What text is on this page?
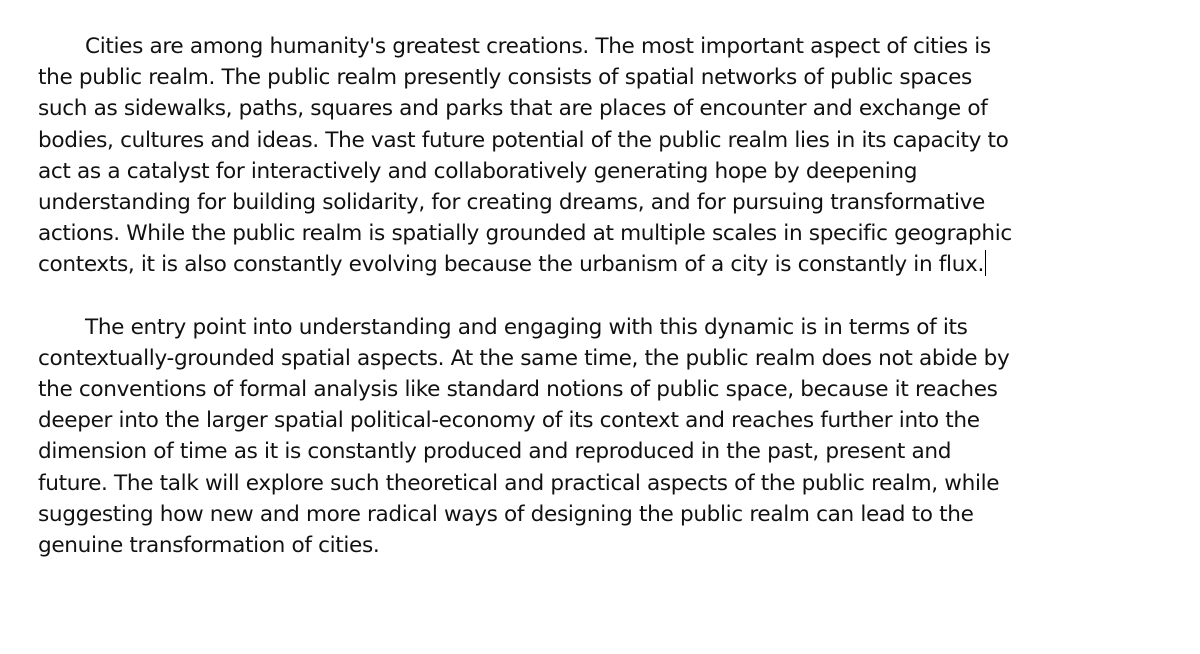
Cities are among humanity's greatest creations. The most important aspect of cities is
the public realm. The public realm presently consists of spatial networks of public spaces
such as sidewalks, paths, squares and parks that are places of encounter and exchange of
bodies, cultures and ideas. The vast future potential of the public realm lies in its capacity to
act as a catalyst for interactively and collaboratively generating hope by deepening
understanding for building solidarity, for creating dreams, and for pursuing transformative
actions. While the public realm is spatially grounded at multiple scales in specific geographic
contexts, it is also constantly evolving because the urbanism of a city is constantly in flux.
The entry point into understanding and engaging with this dynamic is in terms of its
contextually-grounded spatial aspects. At the same time, the public realm does not abide by
the conventions of formal analysis like standard notions of public space, because it reaches
deeper into the larger spatial political-economy of its context and reaches further into the
dimension of time as it is constantly produced and reproduced in the past, present and
future. The talk will explore such theoretical and practical aspects of the public realm, while
suggesting how new and more radical ways of designing the public realm can lead to the
genuine transformation of cities.
